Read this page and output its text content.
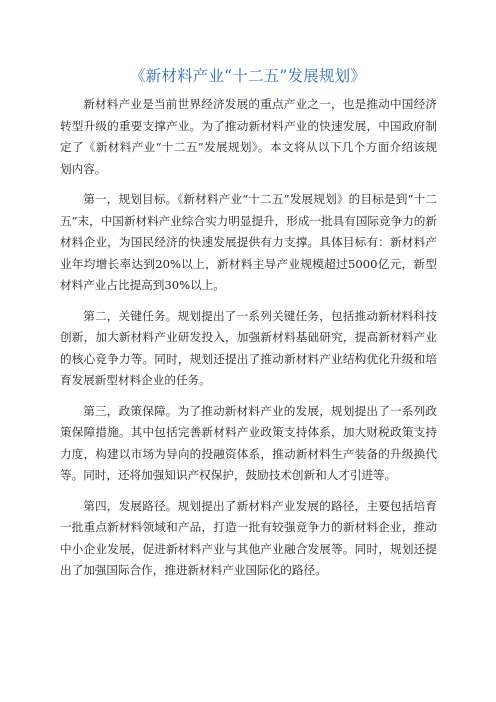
《新材料产业“十二五”发展规划》

新材料产业是当前世界经济发展的重点产业之一，也是推动中国经济转型升级的重要支撑产业。为了推动新材料产业的快速发展，中国政府制定了《新材料产业“十二五”发展规划》。本文将从以下几个方面介绍该规划内容。

第一，规划目标。《新材料产业“十二五”发展规划》的目标是到“十二五”末，中国新材料产业综合实力明显提升，形成一批具有国际竞争力的新材料企业，为国民经济的快速发展提供有力支撑。具体目标有：新材料产业年均增长率达到20%以上，新材料主导产业规模超过5000亿元，新型材料产业占比提高到30%以上。

第二，关键任务。规划提出了一系列关键任务，包括推动新材料科技创新，加大新材料产业研发投入，加强新材料基础研究，提高新材料产业的核心竞争力等。同时，规划还提出了推动新材料产业结构优化升级和培育发展新型材料企业的任务。

第三，政策保障。为了推动新材料产业的发展，规划提出了一系列政策保障措施。其中包括完善新材料产业政策支持体系，加大财税政策支持力度，构建以市场为导向的投融资体系，推动新材料生产装备的升级换代等。同时，还将加强知识产权保护，鼓励技术创新和人才引进等。

第四，发展路径。规划提出了新材料产业发展的路径，主要包括培育一批重点新材料领域和产品，打造一批有较强竞争力的新材料企业，推动中小企业发展，促进新材料产业与其他产业融合发展等。同时，规划还提出了加强国际合作，推进新材料产业国际化的路径。
